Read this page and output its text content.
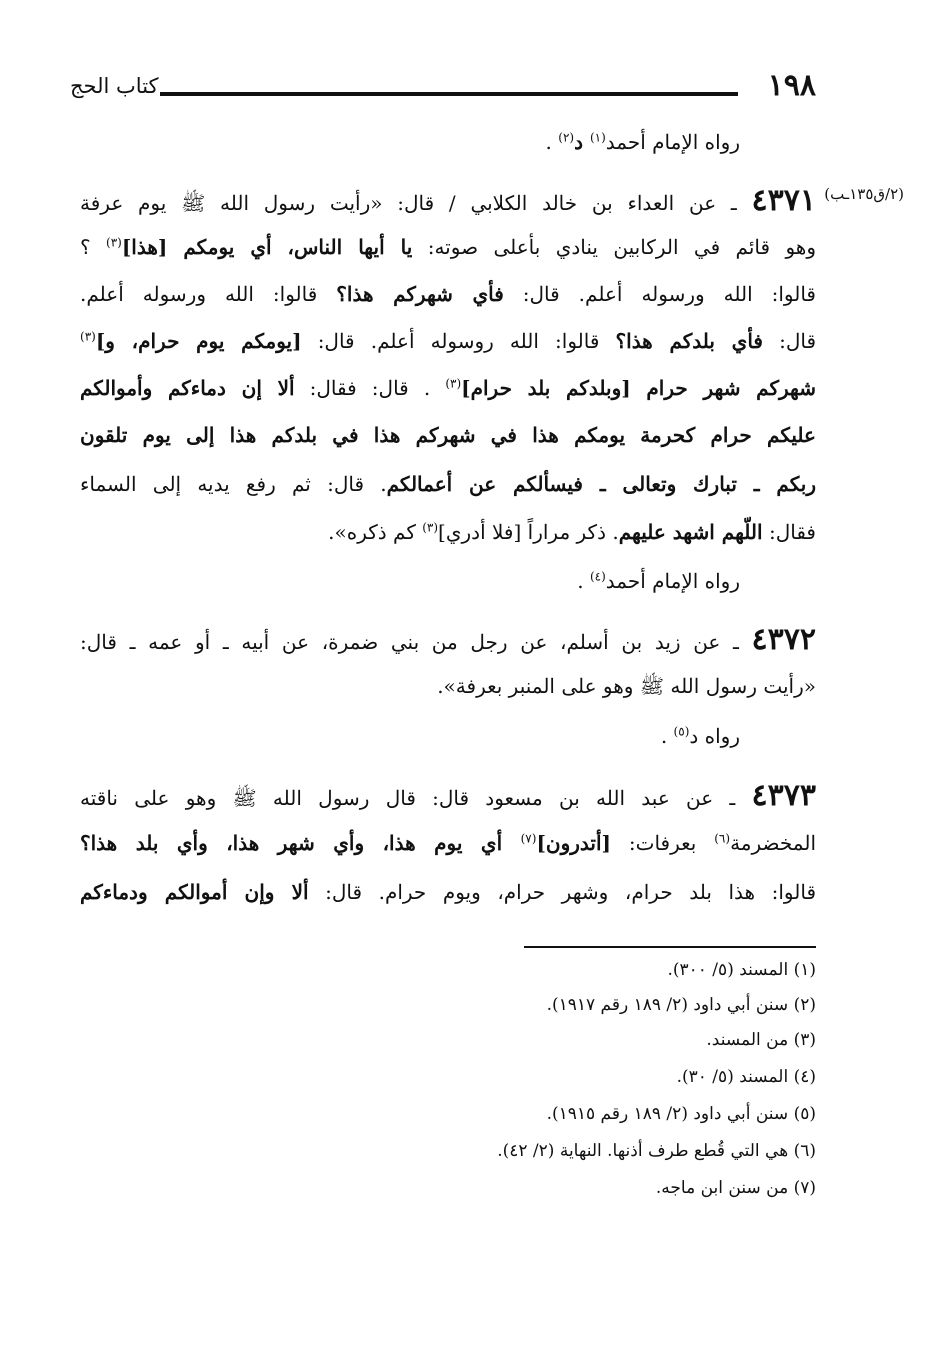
١٩٨
كتاب الحج
(٢/ق١٣٥ـب)
رواه الإمام أحمد$^{(١)}$ د$^{(٢)}$ .
٤٣٧١ ـ عن العداء بن خالد الكلابي / قال: «رأيت رسول الله ﷺ يوم عرفة
وهو قائم في الركابين ينادي بأعلى صوته: يا أيها الناس، أي يومكم [هذا]$^{(٣)}$ ؟
قالوا: الله ورسوله أعلم. قال: فأي شهركم هذا؟ قالوا: الله ورسوله أعلم.
قال: فأي بلدكم هذا؟ قالوا: الله روسوله أعلم. قال: [يومكم يوم حرام، و]$^{(٣)}$
شهركم شهر حرام [وبلدكم بلد حرام]$^{(٣)}$ . قال: فقال: ألا إن دماءكم وأموالكم
عليكم حرام كحرمة يومكم هذا في شهركم هذا في بلدكم هذا إلى يوم تلقون
ربكم ـ تبارك وتعالى ـ فيسألكم عن أعمالكم. قال: ثم رفع يديه إلى السماء
فقال: اللّهم اشهد عليهم. ذكر مراراً [فلا أدري]$^{(٣)}$ كم ذكره».
رواه الإمام أحمد$^{(٤)}$ .
٤٣٧٢ ـ عن زيد بن أسلم، عن رجل من بني ضمرة، عن أبيه ـ أو عمه ـ قال:
«رأيت رسول الله ﷺ وهو على المنبر بعرفة».
رواه د$^{(٥)}$ .
٤٣٧٣ ـ عن عبد الله بن مسعود قال: قال رسول الله ﷺ وهو على ناقته
المخضرمة$^{(٦)}$ بعرفات: [أتدرون]$^{(٧)}$ أي يوم هذا، وأي شهر هذا، وأي بلد هذا؟
قالوا: هذا بلد حرام، وشهر حرام، ويوم حرام. قال: ألا وإن أموالكم ودماءكم
(١) المسند (٥/ ٣٠٠).
(٢) سنن أبي داود (٢/ ١٨٩ رقم ١٩١٧).
(٣) من المسند.
(٤) المسند (٥/ ٣٠).
(٥) سنن أبي داود (٢/ ١٨٩ رقم ١٩١٥).
(٦) هي التي قُطع طرف أذنها. النهاية (٢/ ٤٢).
(٧) من سنن ابن ماجه.
